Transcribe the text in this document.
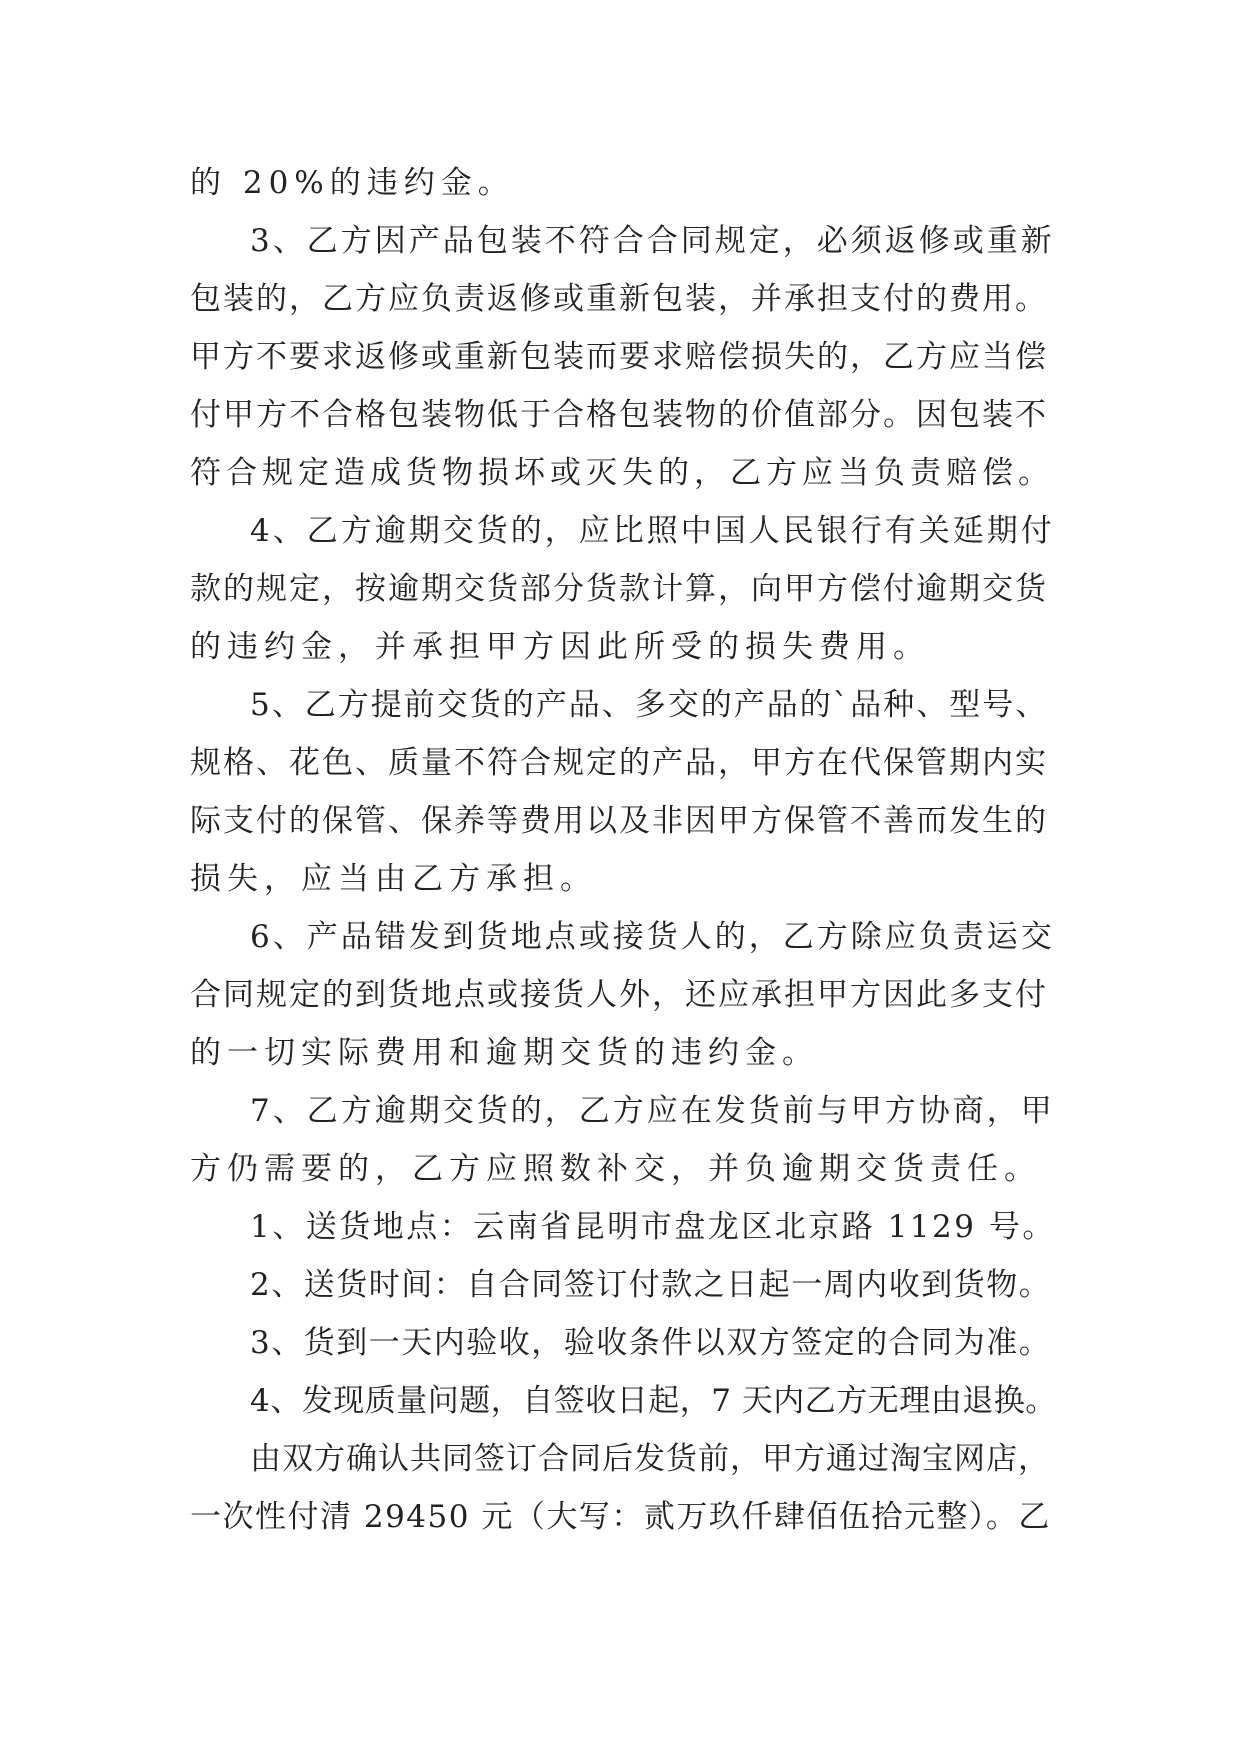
的 20%的违约金。
3、乙方因产品包装不符合合同规定，必须返修或重新
包装的，乙方应负责返修或重新包装，并承担支付的费用。
甲方不要求返修或重新包装而要求赔偿损失的，乙方应当偿
付甲方不合格包装物低于合格包装物的价值部分。因包装不
符合规定造成货物损坏或灭失的，乙方应当负责赔偿。
4、乙方逾期交货的，应比照中国人民银行有关延期付
款的规定，按逾期交货部分货款计算，向甲方偿付逾期交货
的违约金，并承担甲方因此所受的损失费用。
5、乙方提前交货的产品、多交的产品的`品种、型号、
规格、花色、质量不符合规定的产品，甲方在代保管期内实
际支付的保管、保养等费用以及非因甲方保管不善而发生的
损失，应当由乙方承担。
6、产品错发到货地点或接货人的，乙方除应负责运交
合同规定的到货地点或接货人外，还应承担甲方因此多支付
的一切实际费用和逾期交货的违约金。
7、乙方逾期交货的，乙方应在发货前与甲方协商，甲
方仍需要的，乙方应照数补交，并负逾期交货责任。
1、送货地点：云南省昆明市盘龙区北京路 1129 号。
2、送货时间：自合同签订付款之日起一周内收到货物。
3、货到一天内验收，验收条件以双方签定的合同为准。
4、发现质量问题，自签收日起，7 天内乙方无理由退换。
由双方确认共同签订合同后发货前，甲方通过淘宝网店，
一次性付清 29450 元（大写：贰万玖仟肆佰伍拾元整）。乙
